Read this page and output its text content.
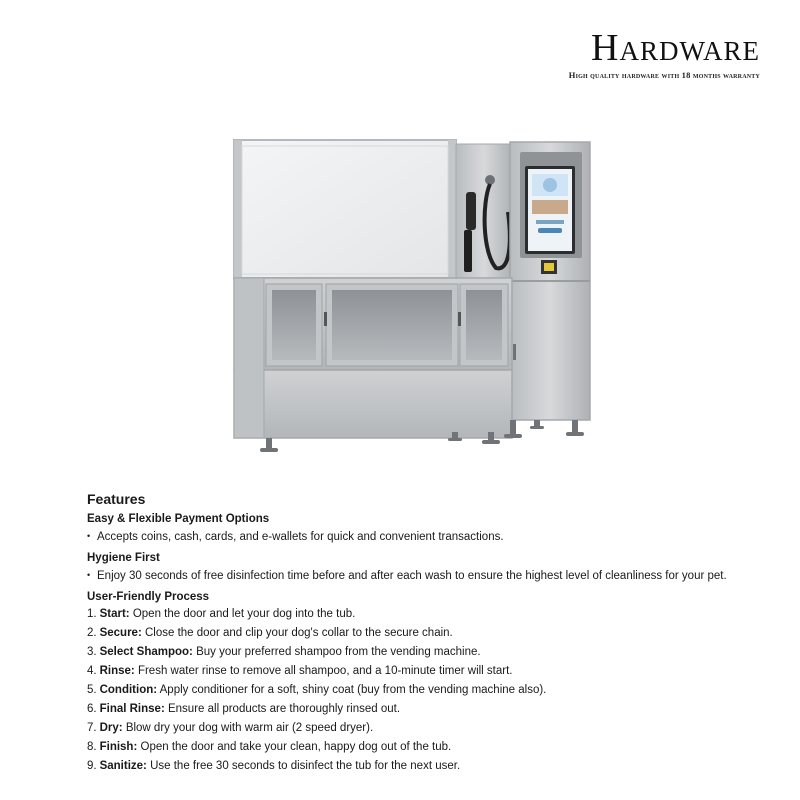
Hardware
High quality hardware with 18 months warranty
Features
Easy & Flexible Payment Options
• Accepts coins, cash, cards, and e-wallets for quick and convenient transactions.
Hygiene First
• Enjoy 30 seconds of free disinfection time before and after each wash to ensure the highest level of cleanliness for your pet.
User-Friendly Process
1. Start: Open the door and let your dog into the tub.
2. Secure: Close the door and clip your dog's collar to the secure chain.
3. Select Shampoo: Buy your preferred shampoo from the vending machine.
4. Rinse: Fresh water rinse to remove all shampoo, and a 10-minute timer will start.
5. Condition: Apply conditioner for a soft, shiny coat (buy from the vending machine also).
6. Final Rinse: Ensure all products are thoroughly rinsed out.
7. Dry: Blow dry your dog with warm air (2 speed dryer).
8. Finish: Open the door and take your clean, happy dog out of the tub.
9. Sanitize: Use the free 30 seconds to disinfect the tub for the next user.
